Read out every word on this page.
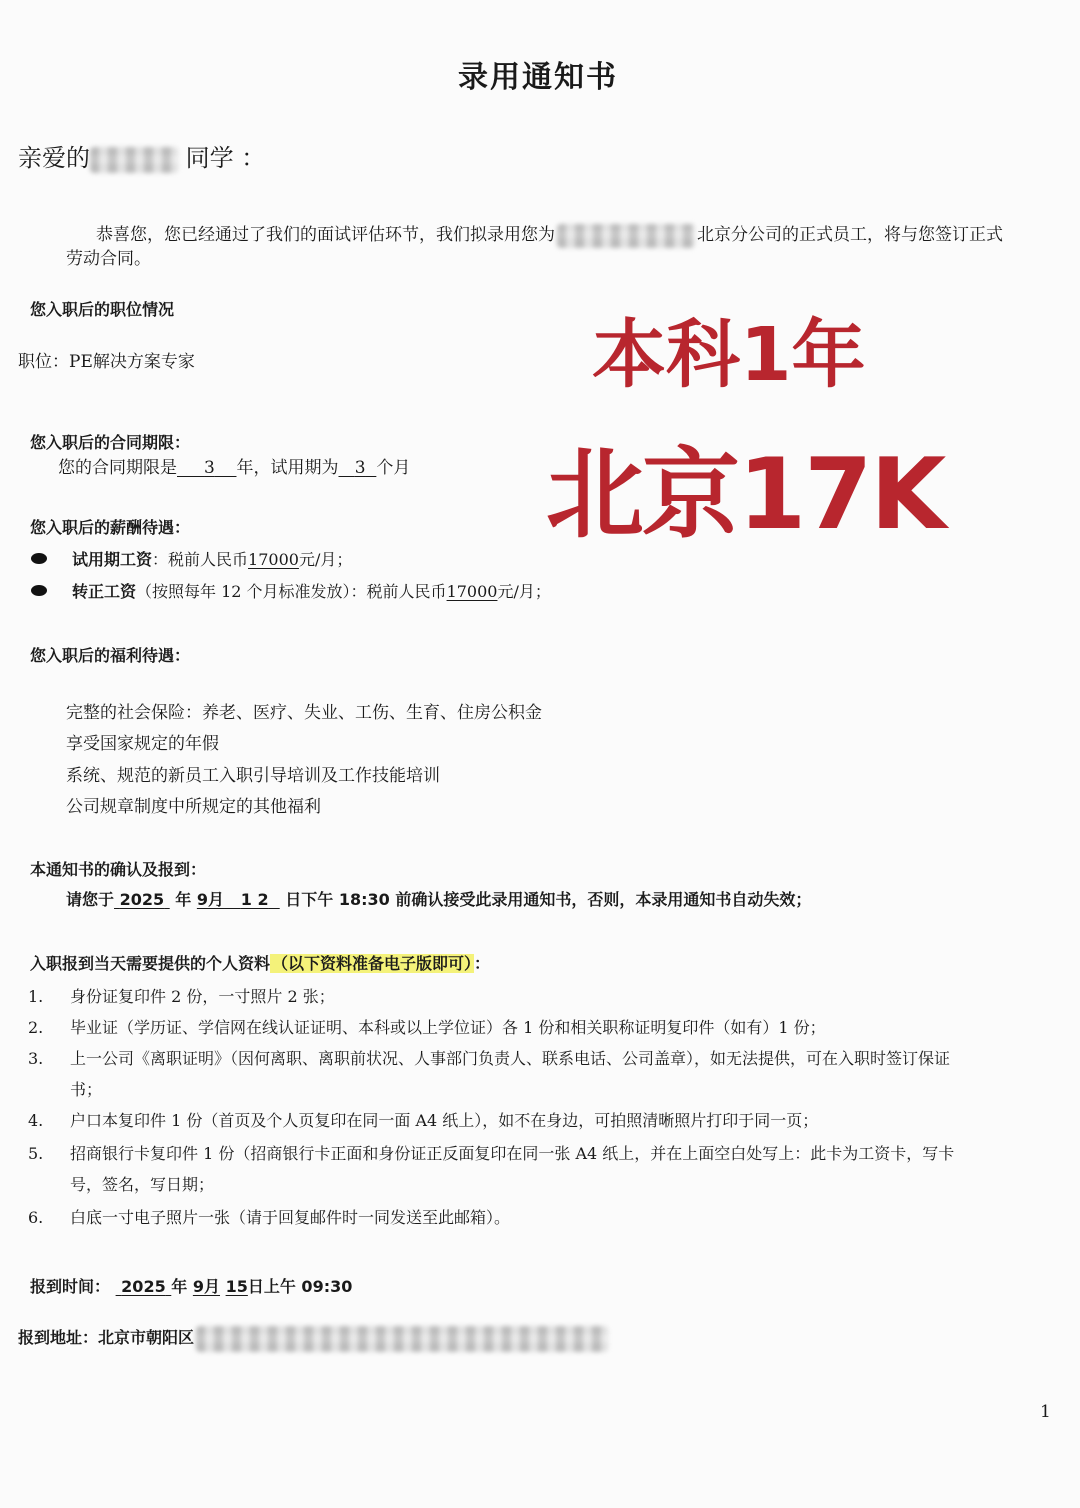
录用通知书
亲爱的	同学 ：
恭喜您，您已经通过了我们的面试评估环节，我们拟录用您为	北京分公司的正式员工，将与您签订正式
劳动合同。
您入职后的职位情况
职位：PE解决方案专家	本科1年
北京17K
您入职后的合同期限：
您的合同期限是 3 年，试用期为 3 个月
您入职后的薪酬待遇：
试用期工资：税前人民币17000元/月；
转正工资（按照每年 12 个月标准发放）：税前人民币17000元/月；
您入职后的福利待遇：
完整的社会保险：养老、医疗、失业、工伤、生育、住房公积金
享受国家规定的年假
系统、规范的新员工入职引导培训及工作技能培训
公司规章制度中所规定的其他福利
本通知书的确认及报到：
请您于 2025 年 9月 1 2 日下午 18:30 前确认接受此录用通知书，否则，本录用通知书自动失效；
入职报到当天需要提供的个人资料 （以下资料准备电子版即可） ：
1. 身份证复印件 2 份，一寸照片 2 张；
2. 毕业证（学历证、学信网在线认证证明、本科或以上学位证）各 1 份和相关职称证明复印件（如有）1 份；
3. 上一公司《离职证明》（因何离职、离职前状况、人事部门负责人、联系电话、公司盖章），如无法提供，可在入职时签订保证
书；
4. 户口本复印件 1 份（首页及个人页复印在同一面 A4 纸上），如不在身边，可拍照清晰照片打印于同一页；
5. 招商银行卡复印件 1 份（招商银行卡正面和身份证正反面复印在同一张 A4 纸上，并在上面空白处写上：此卡为工资卡，写卡
号，签名，写日期；
6. 白底一寸电子照片一张（请于回复邮件时一同发送至此邮箱）。
报到时间： 2025 年 9月 15日上午 09:30
报到地址：北京市朝阳区
1
